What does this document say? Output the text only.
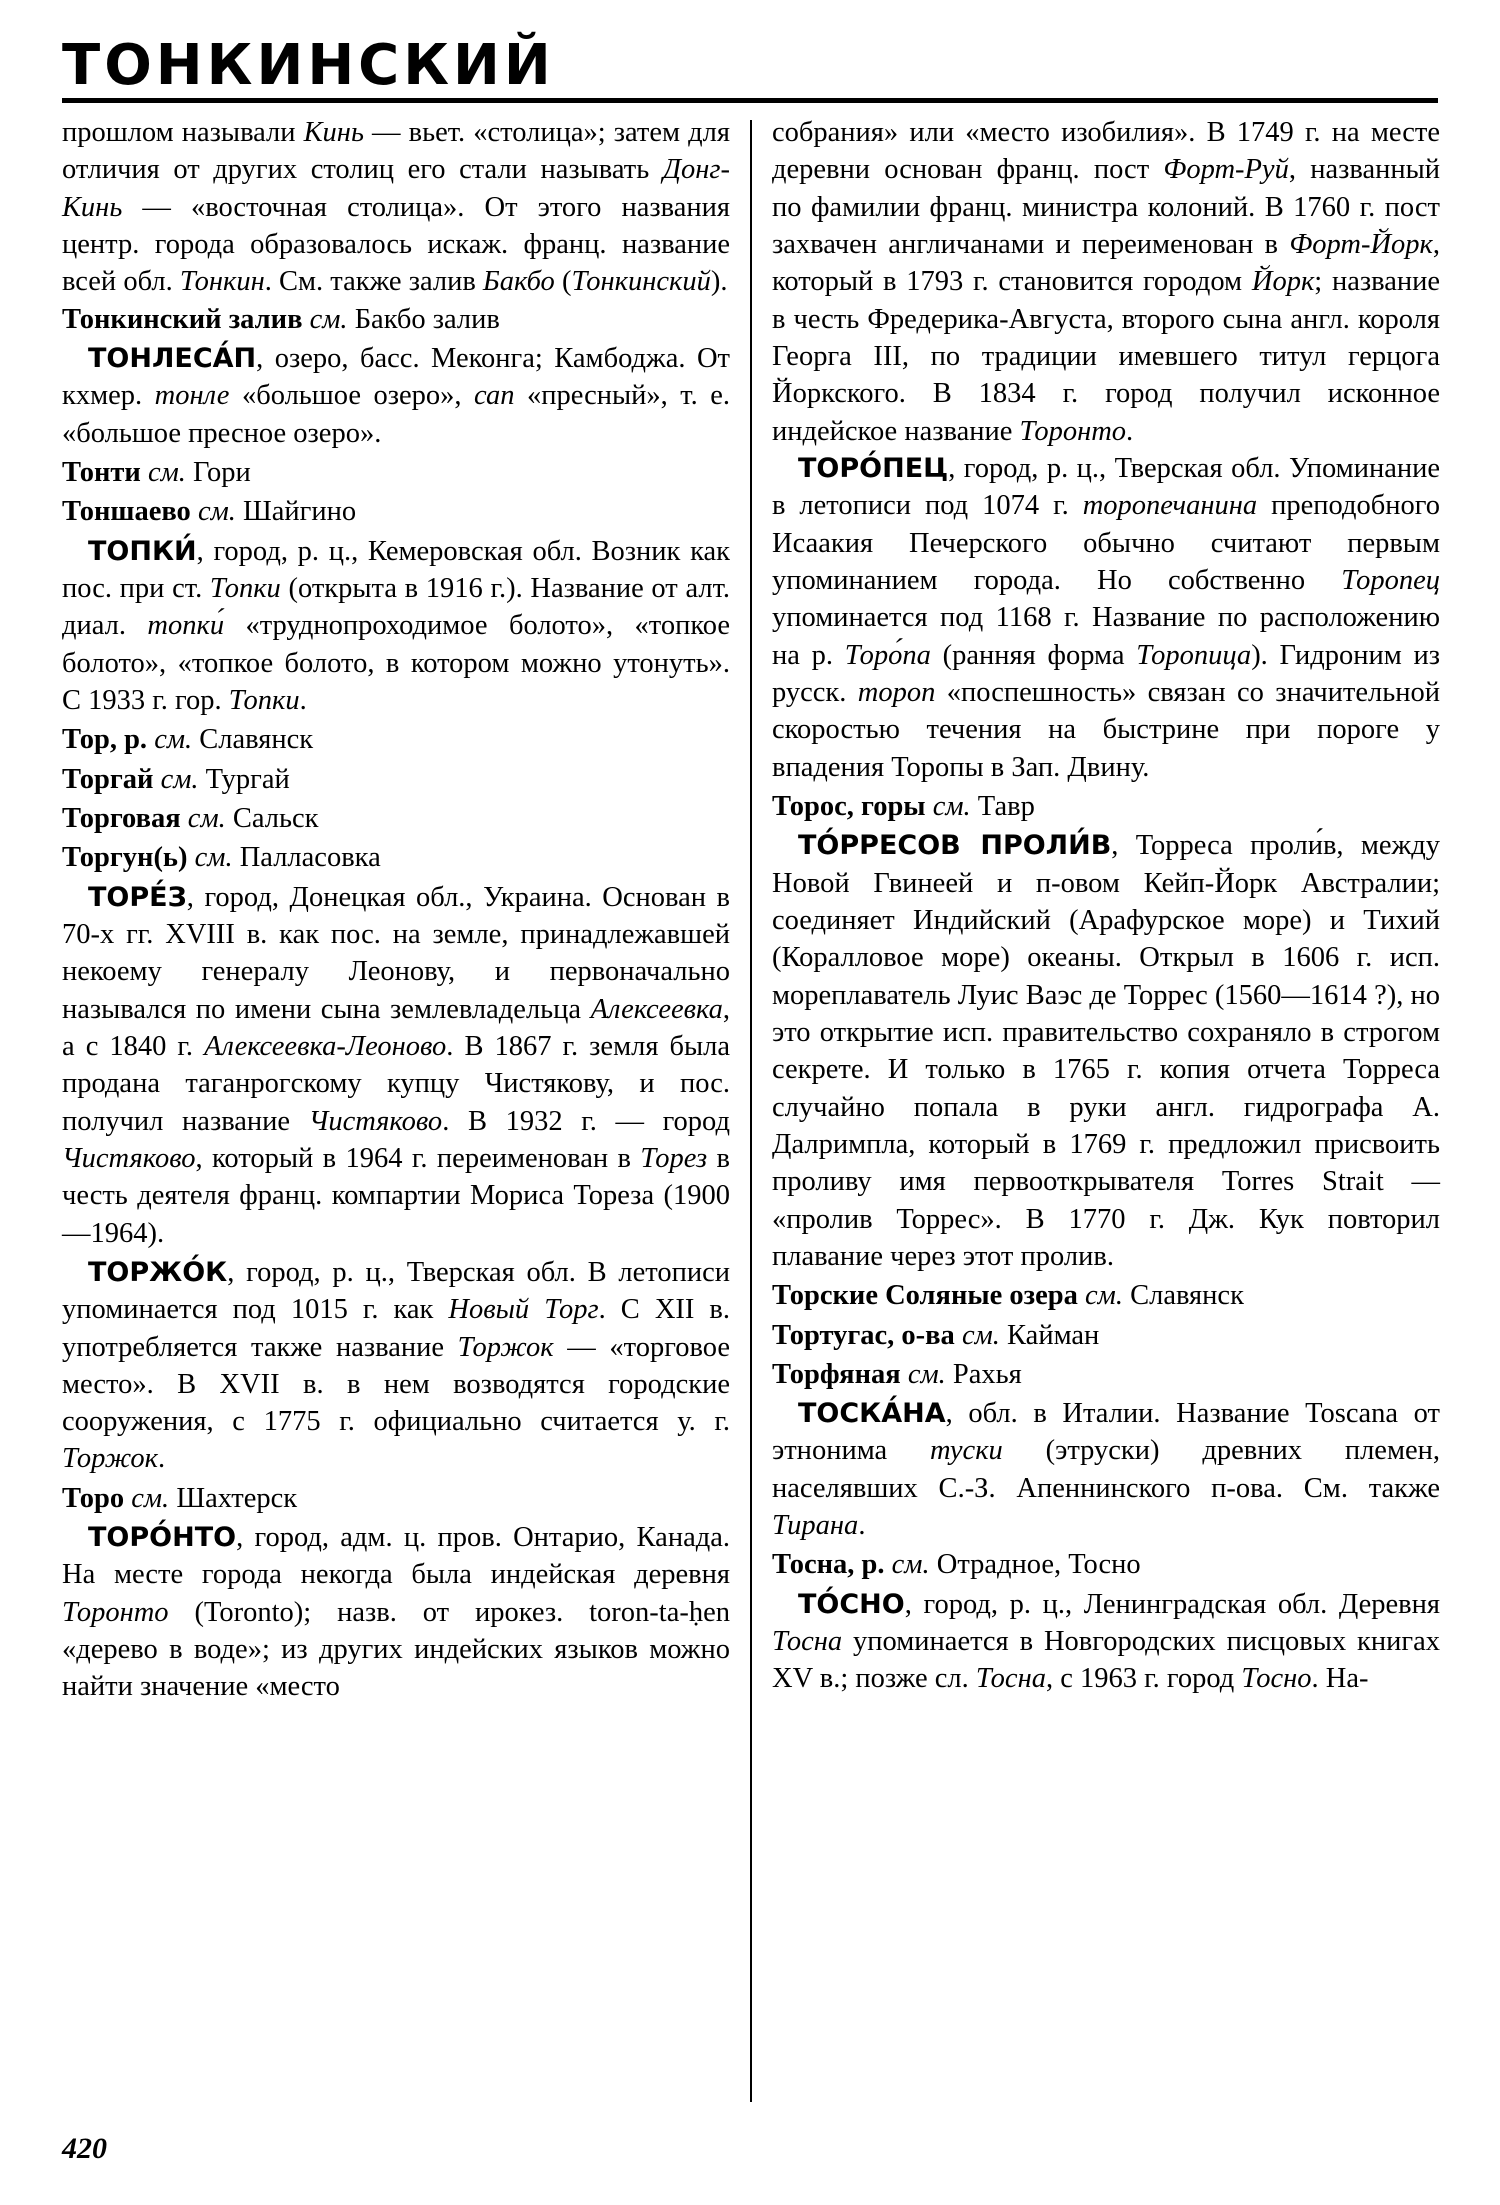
ТОНКИНСКИЙ

прошлом называли Кинь — вьет. «столица»; затем для отличия от других столиц его стали называть Донг-Кинь — «восточная столица». От этого названия центр. города образовалось искаж. франц. название всей обл. Тонкин. См. также залив Бакбо (Тонкинский).

Тонкинский залив см. Бакбо залив

ТОНЛЕСА́П, озеро, басс. Меконга; Камбоджа. От кхмер. тонле «большое озеро», сап «пресный», т. е. «большое пресное озеро».

Тонти см. Гори

Тоншаево см. Шайгино

ТОПКИ́, город, р. ц., Кемеровская обл. Возник как пос. при ст. Топки (открыта в 1916 г.). Название от алт. диал. топки́ «труднопроходимое болото», «топкое болото», «топкое болото, в котором можно утонуть». С 1933 г. гор. Топки.

Тор, р. см. Славянск

Торгай см. Тургай

Торговая см. Сальск

Торгун(ь) см. Палласовка

ТОРЕ́З, город, Донецкая обл., Украина. Основан в 70-х гг. XVIII в. как пос. на земле, принадлежавшей некоему генералу Леонову, и первоначально назывался по имени сына землевладельца Алексеевка, а с 1840 г. Алексеевка-Леоново. В 1867 г. земля была продана таганрогскому купцу Чистякову, и пос. получил название Чистяково. В 1932 г. — город Чистяково, который в 1964 г. переименован в Торез в честь деятеля франц. компартии Мориса Тореза (1900—1964).

ТОРЖО́К, город, р. ц., Тверская обл. В летописи упоминается под 1015 г. как Новый Торг. С XII в. употребляется также название Торжок — «торговое место». В XVII в. в нем возводятся городские сооружения, с 1775 г. официально считается у. г. Торжок.

Торо см. Шахтерск

ТОРО́НТО, город, адм. ц. пров. Онтарио, Канада. На месте города некогда была индейская деревня Торонто (Toronto); назв. от ирокез. toron-ta-ḥen «дерево в воде»; из других индейских языков можно найти значение «место

собрания» или «место изобилия». В 1749 г. на месте деревни основан франц. пост Форт-Руй, названный по фамилии франц. министра колоний. В 1760 г. пост захвачен англичанами и переименован в Форт-Йорк, который в 1793 г. становится городом Йорк; название в честь Фредерика-Августа, второго сына англ. короля Георга III, по традиции имевшего титул герцога Йоркского. В 1834 г. город получил исконное индейское название Торонто.

ТОРО́ПЕЦ, город, р. ц., Тверская обл. Упоминание в летописи под 1074 г. торопечанина преподобного Исаакия Печерского обычно считают первым упоминанием города. Но собственно Торопец упоминается под 1168 г. Название по расположению на р. Торо́па (ранняя форма Торопица). Гидроним из русск. тороп «поспешность» связан со значительной скоростью течения на быстрине при пороге у впадения Торопы в Зап. Двину.

Торос, горы см. Тавр

ТО́РРЕСОВ ПРОЛИ́В, Торреса проли́в, между Новой Гвинеей и п-овом Кейп-Йорк Австралии; соединяет Индийский (Арафурское море) и Тихий (Коралловое море) океаны. Открыл в 1606 г. исп. мореплаватель Луис Ваэс де Торрес (1560—1614 ?), но это открытие исп. правительство сохраняло в строгом секрете. И только в 1765 г. копия отчета Торреса случайно попала в руки англ. гидрографа А. Далримпла, который в 1769 г. предложил присвоить проливу имя первооткрывателя Torres Strait — «пролив Торрес». В 1770 г. Дж. Кук повторил плавание через этот пролив.

Торские Соляные озера см. Славянск

Тортугас, о-ва см. Кайман

Торфяная см. Рахья

ТОСКА́НА, обл. в Италии. Название Toscana от этнонима туски (этруски) древних племен, населявших С.-З. Апеннинского п-ова. См. также Тирана.

Тосна, р. см. Отрадное, Тосно

ТО́СНО, город, р. ц., Ленинградская обл. Деревня Тосна упоминается в Новгородских писцовых книгах XV в.; позже сл. Тосна, с 1963 г. город Тосно. На-

420
